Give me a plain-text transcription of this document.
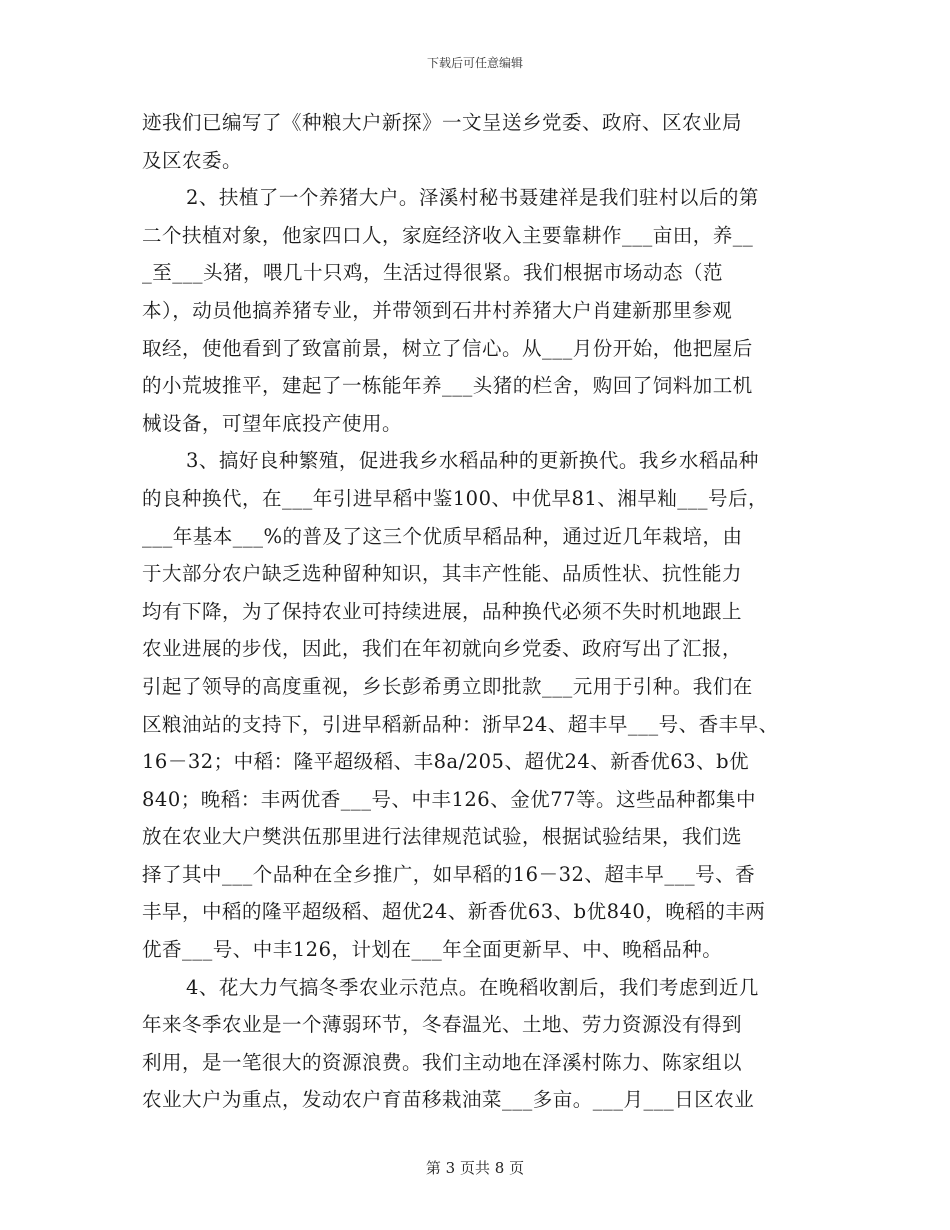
下载后可任意编辑
迹我们已编写了《种粮大户新探》一文呈送乡党委、政府、区农业局
及区农委。
2、扶植了一个养猪大户。泽溪村秘书聂建祥是我们驻村以后的第
二个扶植对象，他家四口人，家庭经济收入主要靠耕作___亩田，养__
_至___头猪，喂几十只鸡，生活过得很紧。我们根据市场动态（范
本），动员他搞养猪专业，并带领到石井村养猪大户肖建新那里参观
取经，使他看到了致富前景，树立了信心。从___月份开始，他把屋后
的小荒坡推平，建起了一栋能年养___头猪的栏舍，购回了饲料加工机
械设备，可望年底投产使用。
3、搞好良种繁殖，促进我乡水稻品种的更新换代。我乡水稻品种
的良种换代，在___年引进早稻中鉴100、中优早81、湘早籼___号后，
___年基本___%的普及了这三个优质早稻品种，通过近几年栽培，由
于大部分农户缺乏选种留种知识，其丰产性能、品质性状、抗性能力
均有下降，为了保持农业可持续进展，品种换代必须不失时机地跟上
农业进展的步伐，因此，我们在年初就向乡党委、政府写出了汇报，
引起了领导的高度重视，乡长彭希勇立即批款___元用于引种。我们在
区粮油站的支持下，引进早稻新品种：浙早24、超丰早___号、香丰早、
16－32；中稻：隆平超级稻、丰8a/205、超优24、新香优63、b优
840；晚稻：丰两优香___号、中丰126、金优77等。这些品种都集中
放在农业大户樊洪伍那里进行法律规范试验，根据试验结果，我们选
择了其中___个品种在全乡推广，如早稻的16－32、超丰早___号、香
丰早，中稻的隆平超级稻、超优24、新香优63、b优840，晚稻的丰两
优香___号、中丰126，计划在___年全面更新早、中、晚稻品种。
4、花大力气搞冬季农业示范点。在晚稻收割后，我们考虑到近几
年来冬季农业是一个薄弱环节，冬春温光、土地、劳力资源没有得到
利用，是一笔很大的资源浪费。我们主动地在泽溪村陈力、陈家组以
农业大户为重点，发动农户育苗移栽油菜___多亩。___月___日区农业
第 3 页共 8 页
